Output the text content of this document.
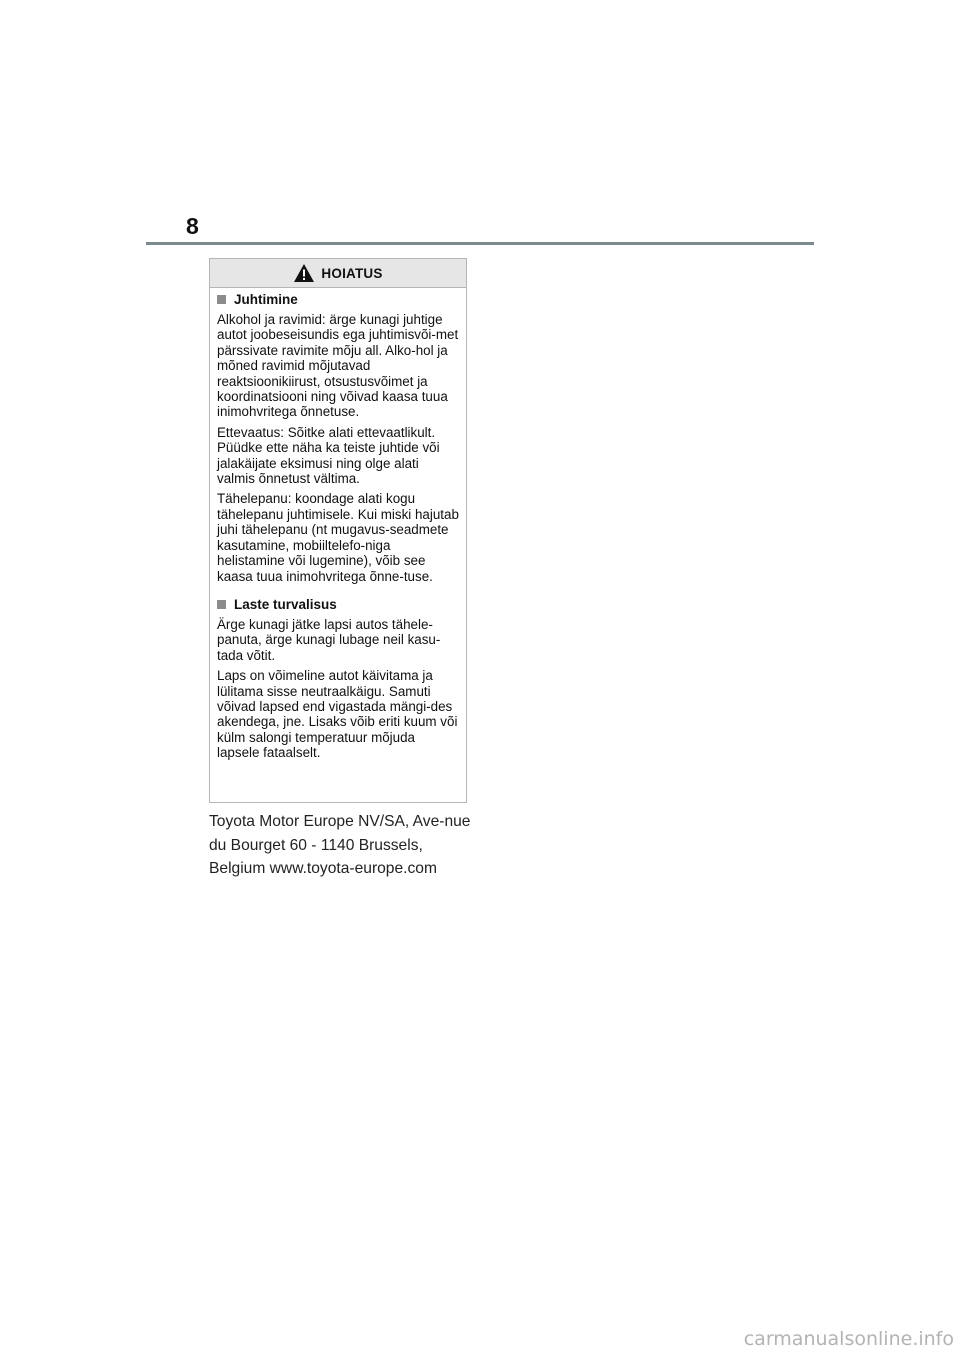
8
HOIATUS
Juhtimine

Alkohol ja ravimid: ärge kunagi juhtige autot joobeseisundis ega juhtimisvõi-met pärssivate ravimite mõju all. Alko-hol ja mõned ravimid mõjutavad reaktsioonikiirust, otsustusvõimet ja koordinatsiooni ning võivad kaasa tuua inimohvritega õnnetuse.

Ettevaatus: Sõitke alati ettevaatlikult. Püüdke ette näha ka teiste juhtide või jalakäijate eksimusi ning olge alati valmis õnnetust vältima.

Tähelepanu: koondage alati kogu tähelepanu juhtimisele. Kui miski hajutab juhi tähelepanu (nt mugavus-seadmete kasutamine, mobiiltelefo-niga helistamine või lugemine), võib see kaasa tuua inimohvritega õnne-tuse.

Laste turvalisus

Ärge kunagi jätke lapsi autos tähele-panuta, ärge kunagi lubage neil kasu-tada võtit.

Laps on võimeline autot käivitama ja lülitama sisse neutraalkäigu. Samuti võivad lapsed end vigastada mängi-des akendega, jne. Lisaks võib eriti kuum või külm salongi temperatuur mõjuda lapsele fataalselt.

Toyota Motor Europe NV/SA, Ave-nue du Bourget 60 - 1140 Brussels, Belgium www.toyota-europe.com
carmanualsonline.info
